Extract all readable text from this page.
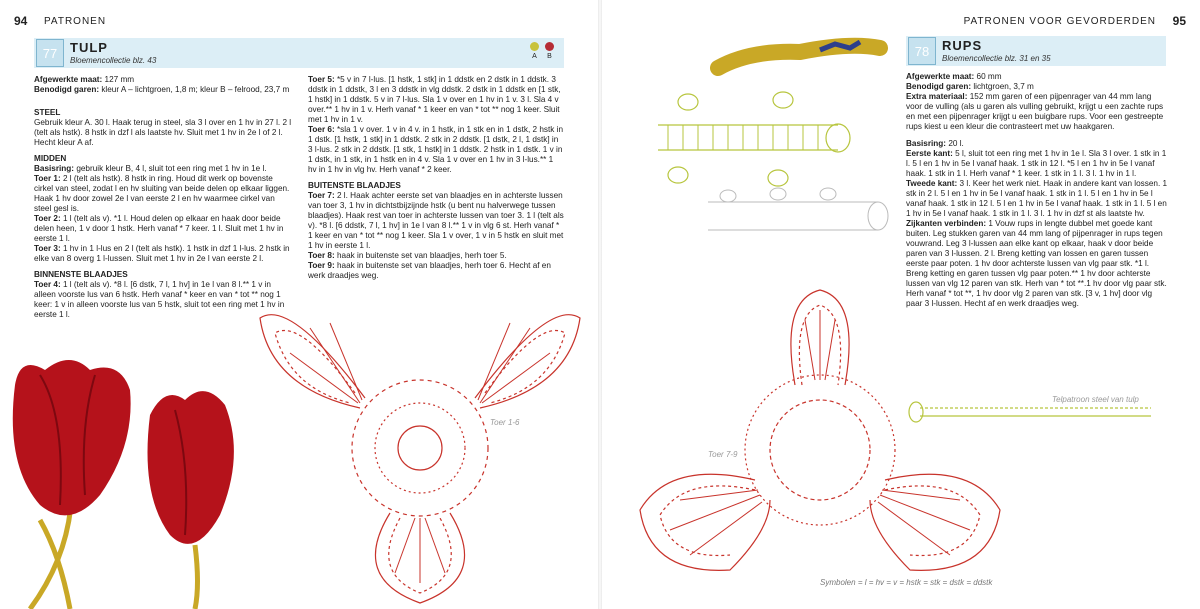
94 PATRONEN
77 TULP
Bloemencollectie blz. 43	A B

Afgewerkte maat: 127 mm

Benodigd garen: kleur A – lichtgroen, 1,8 m; kleur B – felrood, 23,7 m

STEEL

Gebruik kleur A. 30 l. Haak terug in steel, sla 3 l over en 1 hv in 27 l. 2 l (telt als hstk). 8 hstk in dzf l als laatste hv. Sluit met 1 hv in 2e l of 2 l. Hecht kleur A af.

MIDDEN

Basisring: gebruik kleur B, 4 l, sluit tot een ring met 1 hv in 1e l.

Toer 1: 2 l (telt als hstk). 8 hstk in ring. Houd dit werk op bovenste cirkel van steel, zodat l en hv sluiting van beide delen op elkaar liggen. Haak 1 hv door zowel 2e l van eerste 2 l en hv waarmee cirkel van steel gesl is.

Toer 2: 1 l (telt als v). *1 l. Houd delen op elkaar en haak door beide delen heen, 1 v door 1 hstk. Herh vanaf * 7 keer. 1 l. Sluit met 1 hv in eerste 1 l.

Toer 3: 1 hv in 1 l-lus en 2 l (telt als hstk). 1 hstk in dzf 1 l-lus. 2 hstk in elke van 8 overg 1 l-lussen. Sluit met 1 hv in 2e l van eerste 2 l.

BINNENSTE BLAADJES

Toer 4: 1 l (telt als v). *8 l. [6 dstk, 7 l, 1 hv] in 1e l van 8 l.** 1 v in alleen voorste lus van 6 hstk. Herh vanaf * keer en van * tot ** nog 1 keer: 1 v in alleen voorste lus van 5 hstk, sluit tot een ring met 1 hv in eerste 1 l.

Toer 5: *5 v in 7 l-lus. [1 hstk, 1 stk] in 1 ddstk en 2 dstk in 1 ddstk. 3 ddstk in 1 ddstk, 3 l en 3 ddstk in vlg ddstk. 2 dstk in 1 ddstk en [1 stk, 1 hstk] in 1 ddstk. 5 v in 7 l-lus. Sla 1 v over en 1 hv in 1 v. 3 l. Sla 4 v over.** 1 hv in 1 v. Herh vanaf * 1 keer en van * tot ** nog 1 keer. Sluit met 1 hv in 1 v.

Toer 6: *sla 1 v over. 1 v in 4 v. in 1 hstk, in 1 stk en in 1 dstk, 2 hstk in 1 dstk. [1 hstk, 1 stk] in 1 ddstk. 2 stk in 2 ddstk. [1 dstk, 2 l, 1 dstk] in 3 l-lus. 2 stk in 2 ddstk. [1 stk, 1 hstk] in 1 ddstk. 2 hstk in 1 dstk. 1 v in 1 dstk, in 1 stk, in 1 hstk en in 4 v. Sla 1 v over en 1 hv in 3 l-lus.** 1 hv in 1 hv in vlg hv. Herh vanaf * 2 keer.

BUITENSTE BLAADJES

Toer 7: 2 l. Haak achter eerste set van blaadjes en in achterste lussen van toer 3, 1 hv in dichtstbijzijnde hstk (u bent nu halverwege tussen blaadjes). Haak rest van toer in achterste lussen van toer 3. 1 l (telt als v). *8 l. [6 ddstk, 7 l, 1 hv] in 1e l van 8 l.** 1 v in vlg 6 st. Herh vanaf * 1 keer en van * tot ** nog 1 keer. Sla 1 v over, 1 v in 5 hstk en sluit met 1 hv in eerste 1 l.

Toer 8: haak in buitenste set van blaadjes, herh toer 5.

Toer 9: haak in buitenste set van blaadjes, herh toer 6. Hecht af en werk draadjes weg.

Toer 1-6
95
PATRONEN VOOR GEVORDERDEN
78 RUPS
Bloemencollectie blz. 31 en 35

Afgewerkte maat: 60 mm

Benodigd garen: lichtgroen, 3,7 m

Extra materiaal: 152 mm garen of een pijpenrager van 44 mm lang voor de vulling (als u garen als vulling gebruikt, krijgt u een zachte rups en met een pijpenrager krijgt u een buigbare rups. Voor een gestreepte rups kiest u een kleur die contrasteert met uw haakgaren.

Basisring: 20 l.

Eerste kant: 5 l, sluit tot een ring met 1 hv in 1e l. Sla 3 l over. 1 stk in 1 l. 5 l en 1 hv in 5e l vanaf haak. 1 stk in 12 l. *5 l en 1 hv in 5e l vanaf haak. 1 stk in 1 l. Herh vanaf * 1 keer. 1 stk in 1 l. 3 l. 1 hv in 1 l.

Tweede kant: 3 l. Keer het werk niet. Haak in andere kant van lossen. 1 stk in 2 l. 5 l en 1 hv in 5e l vanaf haak. 1 stk in 1 l. 5 l en 1 hv in 5e l vanaf haak. 1 stk in 12 l. 5 l en 1 hv in 5e l vanaf haak. 1 stk in 1 l. 5 l en 1 hv in 5e l vanaf haak. 1 stk in 1 l. 3 l. 1 hv in dzf st als laatste hv.

Zijkanten verbinden: 1 Vouw rups in lengte dubbel met goede kant buiten. Leg stukken garen van 44 mm lang of pijpenrager in rups tegen vouwrand. Leg 3 l-lussen aan elke kant op elkaar, haak v door beide paren van 3 l-lussen. 2 l. Breng ketting van lossen en garen tussen eerste paar poten. 1 hv door achterste lussen van vlg paar stk. *1 l. Breng ketting en garen tussen vlg paar poten.** 1 hv door achterste lussen van vlg 12 paren van stk. Herh van * tot **.1 hv door vlg paar stk. Herh vanaf * tot **, 1 hv door vlg 2 paren van stk. [3 v, 1 hv] door vlg paar 3 l-lussen. Hecht af en werk draadjes weg.

Telpatroon steel van tulp
Toer 7-9
Symbolen = l = hv = v = hstk = stk = dstk = ddstk
